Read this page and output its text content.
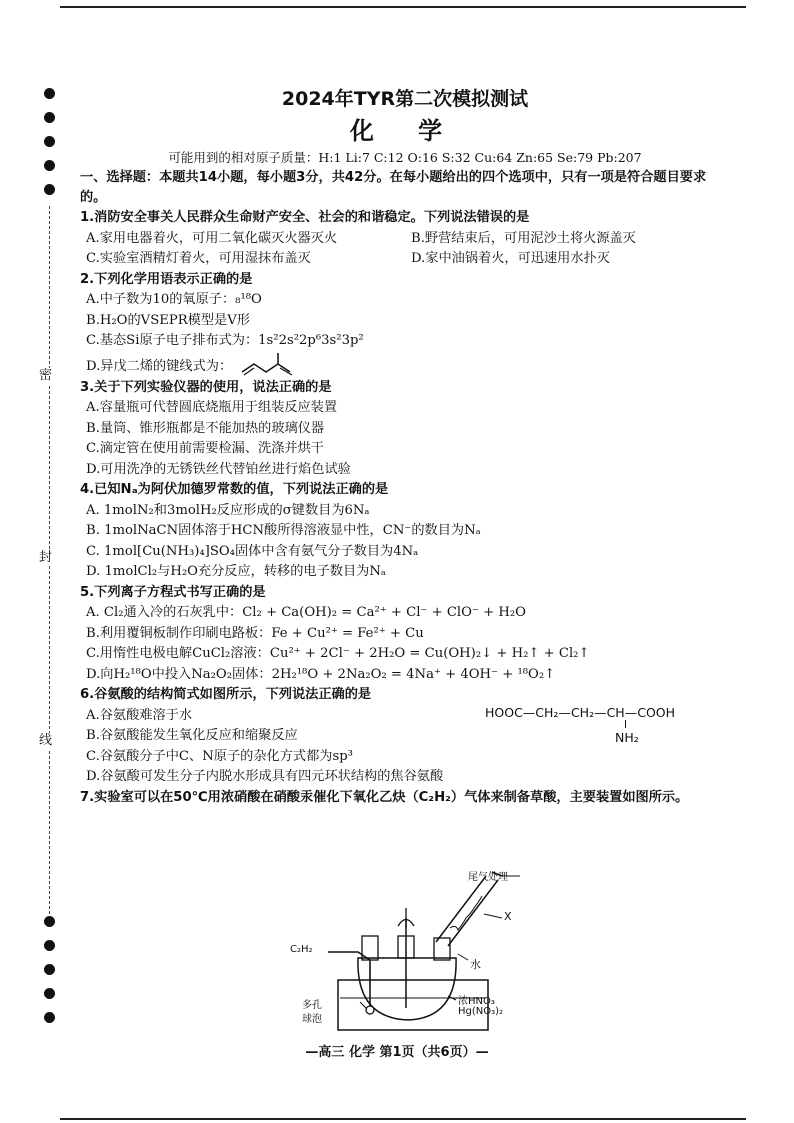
密
封
线
2024年TYR第二次模拟测试
化 学
可能用到的相对原子质量：H:1 Li:7 C:12 O:16 S:32 Cu:64 Zn:65 Se:79 Pb:207
一、选择题：本题共14小题，每小题3分，共42分。在每小题给出的四个选项中，只有一项是符合题目要求的。
1.消防安全事关人民群众生命财产安全、社会的和谐稳定。下列说法错误的是
A.家用电器着火，可用二氧化碳灭火器灭火	B.野营结束后，可用泥沙土将火源盖灭
C.实验室酒精灯着火，可用湿抹布盖灭	D.家中油锅着火，可迅速用水扑灭
2.下列化学用语表示正确的是
A.中子数为10的氧原子：₈¹⁸O
B.H₂O的VSEPR模型是V形
C.基态Si原子电子排布式为：1s²2s²2p⁶3s²3p²
D.异戊二烯的键线式为：
3.关于下列实验仪器的使用，说法正确的是
A.容量瓶可代替圆底烧瓶用于组装反应装置
B.量筒、锥形瓶都是不能加热的玻璃仪器
C.滴定管在使用前需要检漏、洗涤并烘干
D.可用洗净的无锈铁丝代替铂丝进行焰色试验
4.已知Nₐ为阿伏加德罗常数的值，下列说法正确的是
A. 1molN₂和3molH₂反应形成的σ键数目为6Nₐ
B. 1molNaCN固体溶于HCN酸所得溶液显中性，CN⁻的数目为Nₐ
C. 1mol[Cu(NH₃)₄]SO₄固体中含有氨气分子数目为4Nₐ
D. 1molCl₂与H₂O充分反应，转移的电子数目为Nₐ
5.下列离子方程式书写正确的是
A. Cl₂通入冷的石灰乳中：Cl₂ + Ca(OH)₂ = Ca²⁺ + Cl⁻ + ClO⁻ + H₂O
B.利用覆铜板制作印刷电路板：Fe + Cu²⁺ = Fe²⁺ + Cu
C.用惰性电极电解CuCl₂溶液：Cu²⁺ + 2Cl⁻ + 2H₂O = Cu(OH)₂↓ + H₂↑ + Cl₂↑
D.向H₂¹⁸O中投入Na₂O₂固体：2H₂¹⁸O + 2Na₂O₂ = 4Na⁺ + 4OH⁻ + ¹⁸O₂↑
6.谷氨酸的结构简式如图所示，下列说法正确的是
A.谷氨酸难溶于水
B.谷氨酸能发生氧化反应和缩聚反应
C.谷氨酸分子中C、N原子的杂化方式都为sp³
D.谷氨酸可发生分子内脱水形成具有四元环状结构的焦谷氨酸
HOOC—CH₂—CH₂—CH—COOH
NH₂
7.实验室可以在50℃用浓硝酸在硝酸汞催化下氧化乙炔（C₂H₂）气体来制备草酸，主要装置如图所示。
尾气处理
X
水
C₂H₂
多孔
球泡
浓HNO₃
Hg(NO₃)₂
—高三 化学 第1页（共6页）—
